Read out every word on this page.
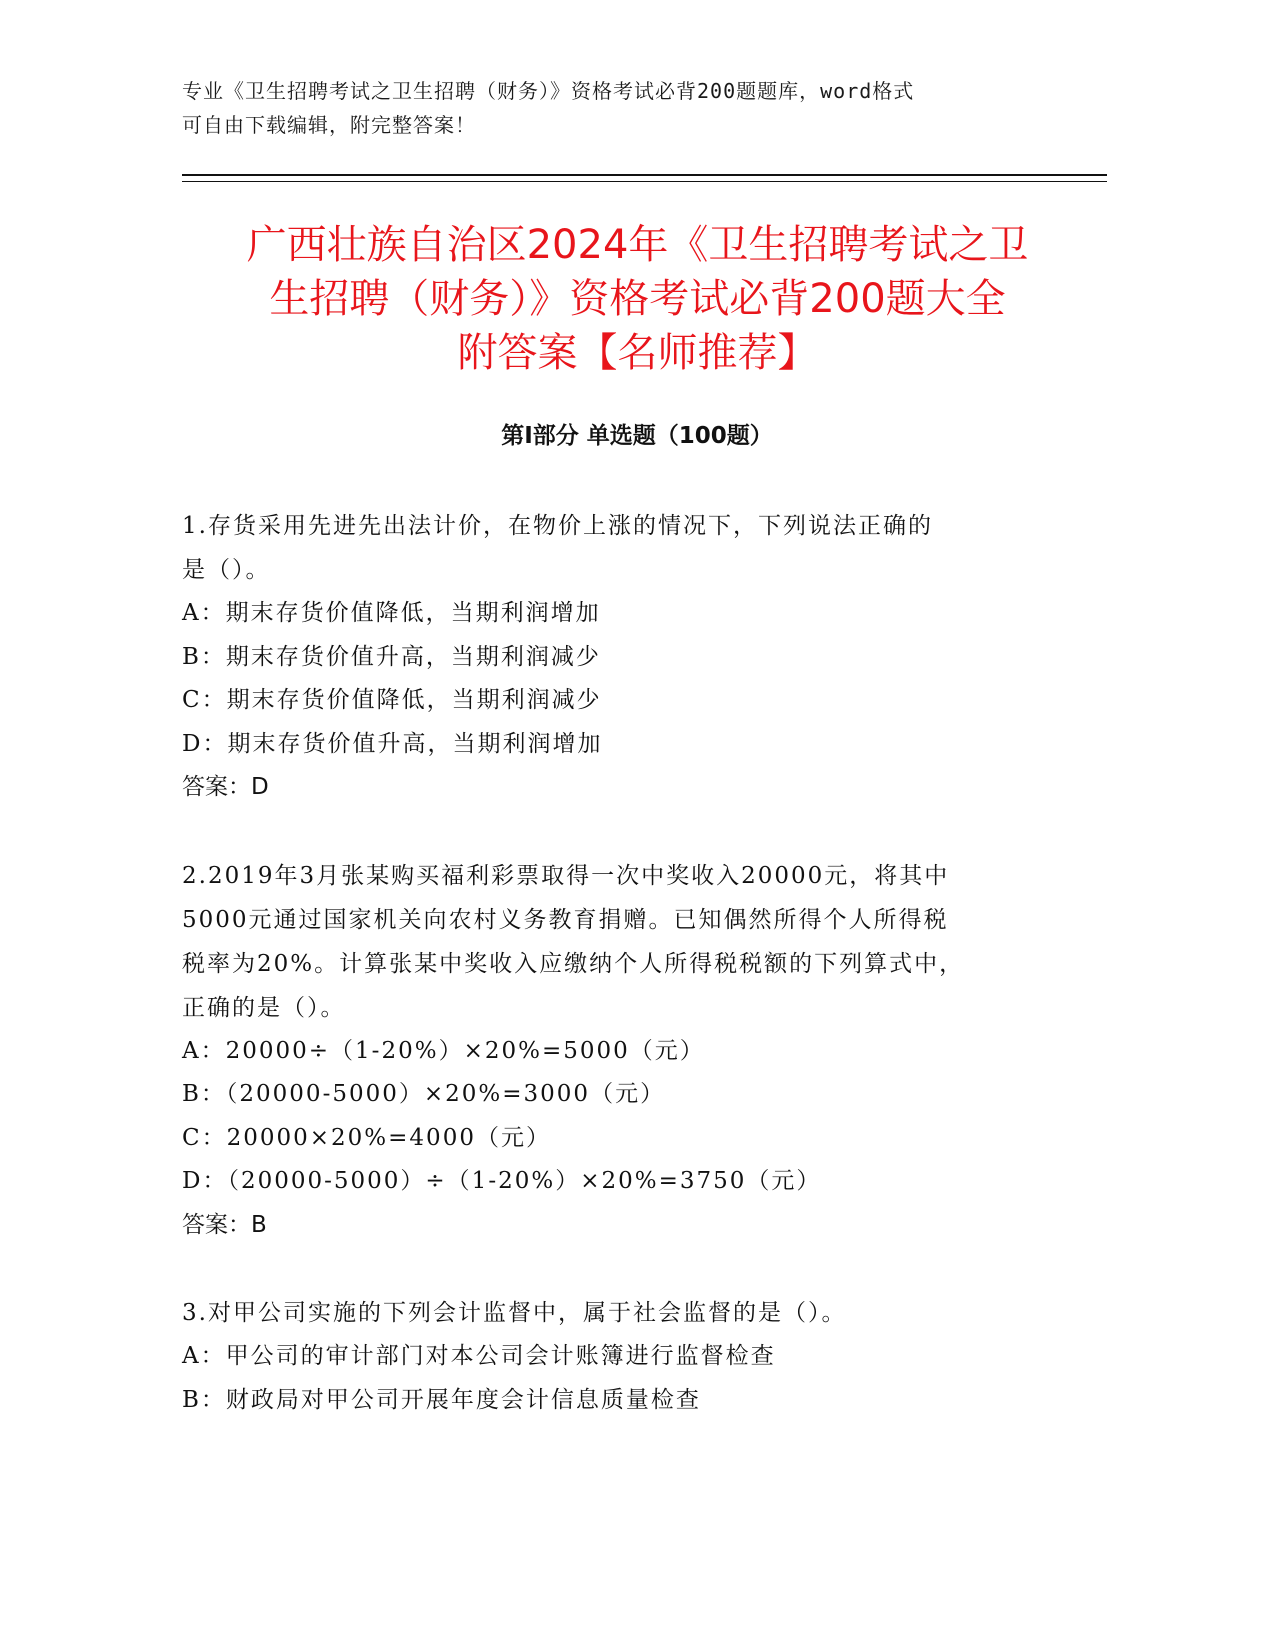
专业《卫生招聘考试之卫生招聘（财务）》资格考试必背200题题库，word格式
可自由下载编辑，附完整答案！
广西壮族自治区2024年《卫生招聘考试之卫
生招聘（财务）》资格考试必背200题大全
附答案【名师推荐】
第Ⅰ部分 单选题（100题）

1.存货采用先进先出法计价，在物价上涨的情况下，下列说法正确的

是（）。

A：期末存货价值降低，当期利润增加

B：期末存货价值升高，当期利润减少

C：期末存货价值降低，当期利润减少

D：期末存货价值升高，当期利润增加

答案：D

2.2019年3月张某购买福利彩票取得一次中奖收入20000元，将其中

5000元通过国家机关向农村义务教育捐赠。已知偶然所得个人所得税

税率为20%。计算张某中奖收入应缴纳个人所得税税额的下列算式中，

正确的是（）。

A：20000÷（1-20%）×20%=5000（元）

B：（20000-5000）×20%=3000（元）

C：20000×20%=4000（元）

D：（20000-5000）÷（1-20%）×20%=3750（元）

答案：B

3.对甲公司实施的下列会计监督中，属于社会监督的是（）。

A：甲公司的审计部门对本公司会计账簿进行监督检查

B：财政局对甲公司开展年度会计信息质量检查
